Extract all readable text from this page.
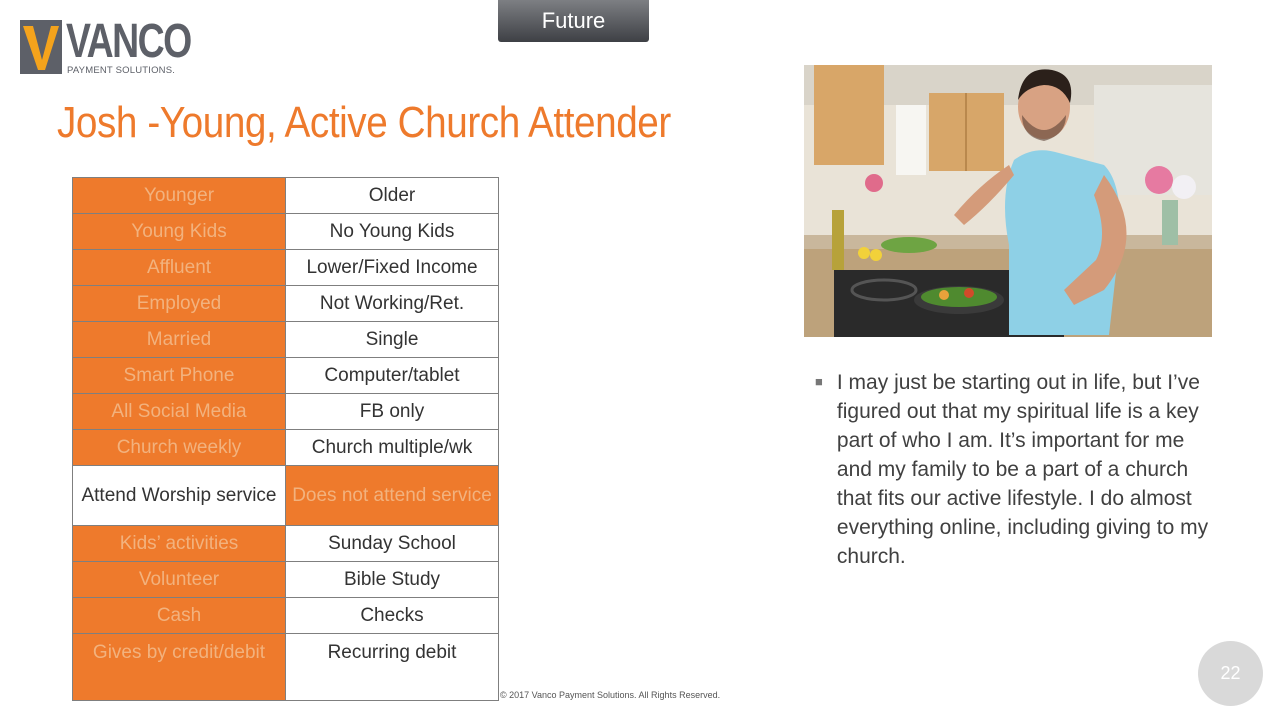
VANCO
PAYMENT SOLUTIONS.
Future
Josh -Young, Active Church Attender
Younger	Older
Young Kids	No Young Kids
Affluent	Lower/Fixed Income
Employed	Not Working/Ret.
Married	Single
Smart Phone	Computer/tablet
All Social Media	FB only
Church weekly	Church multiple/wk
Attend Worship service	Does not attend service
Kids’ activities	Sunday School
Volunteer	Bible Study
Cash	Checks
Gives by credit/debit	Recurring debit
■ I may just be starting out in life, but I’ve figured out that my spiritual life is a key part of who I am. It’s important for me and my family to be a part of a church that fits our active lifestyle. I do almost everything online, including giving to my church.
© 2017 Vanco Payment Solutions. All Rights Reserved.
22
